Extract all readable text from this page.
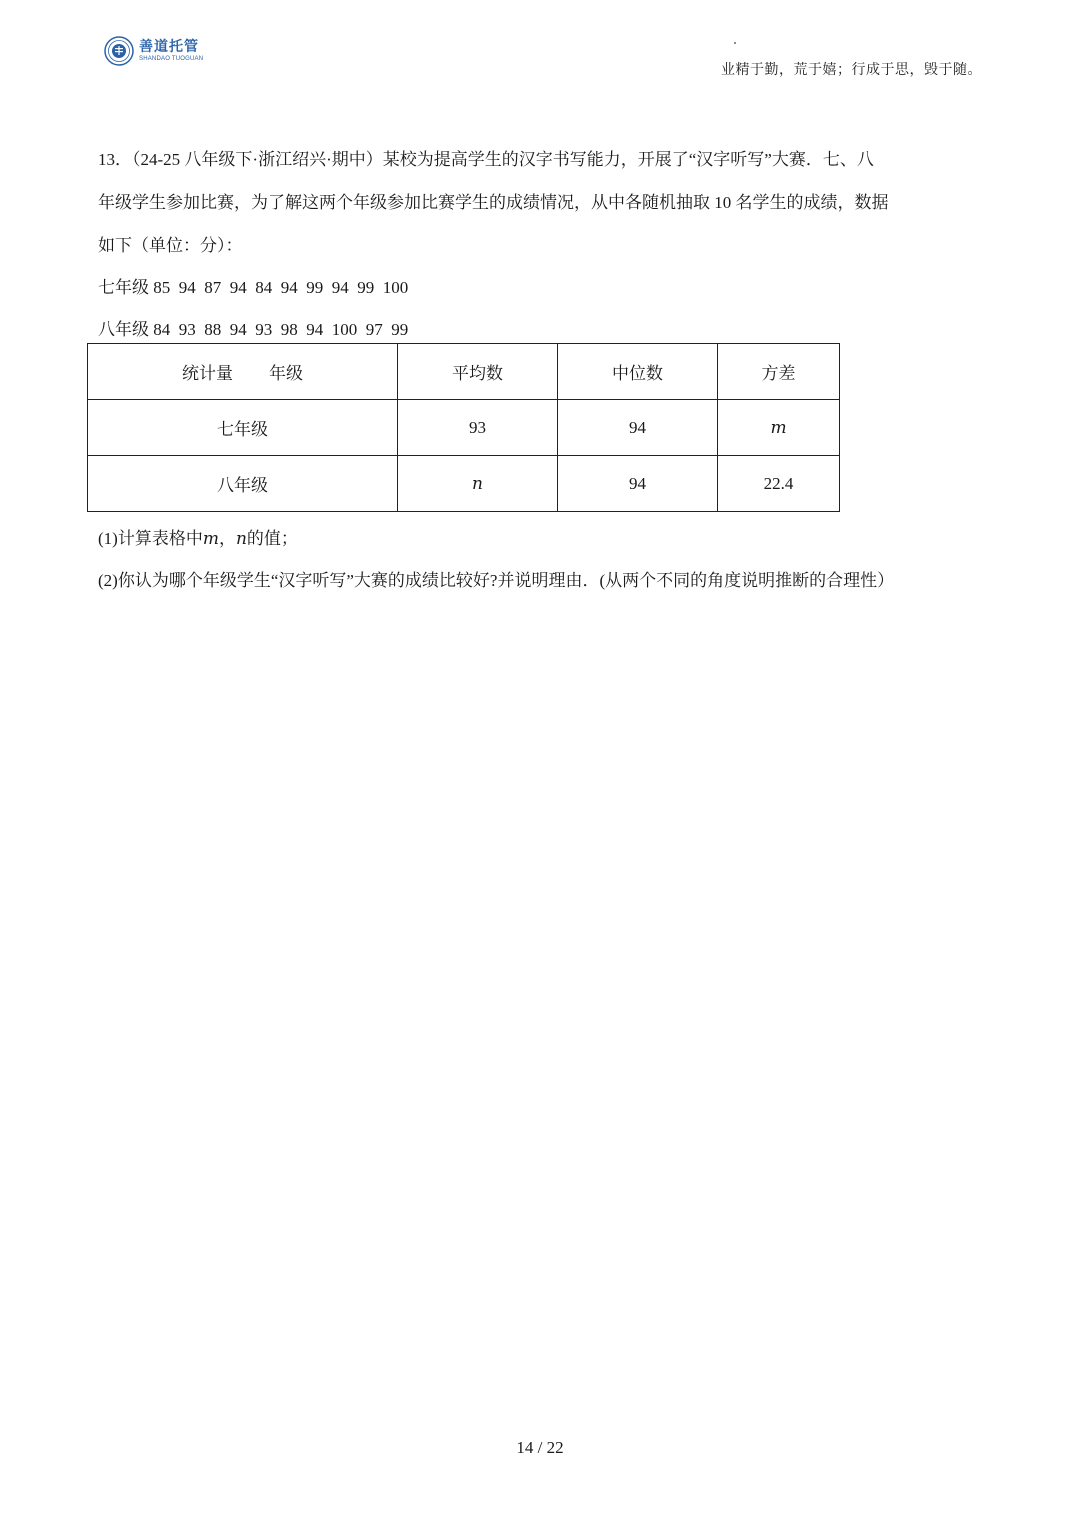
善道托管
SHANDAO TUOGUAN
业精于勤，荒于嬉；行成于思，毁于随。
13．（24-25 八年级下·浙江绍兴·期中）某校为提高学生的汉字书写能力，开展了“汉字听写”大赛．七、八
年级学生参加比赛，为了解这两个年级参加比赛学生的成绩情况，从中各随机抽取 10 名学生的成绩，数据
如下（单位：分）：

七年级 85  94  87  94  84  94  99  94  99  100

八年级 84  93  88  94  93  98  94  100  97  99

统计量 年级	平均数	中位数	方差
七年级	93	94	m
八年级	n	94	22.4
(1)计算表格中m，n的值；
(2)你认为哪个年级学生“汉字听写”大赛的成绩比较好?并说明理由．(从两个不同的角度说明推断的合理性）
14 / 22
